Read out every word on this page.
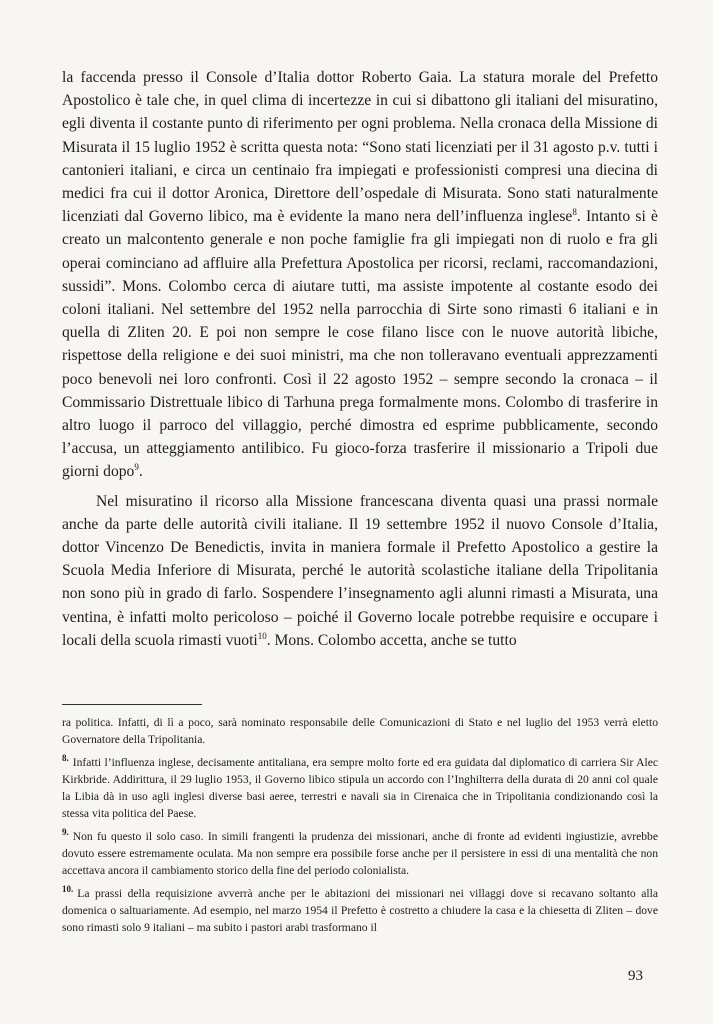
la faccenda presso il Console d’Italia dottor Roberto Gaia. La statura morale del Prefetto Apostolico è tale che, in quel clima di incertezze in cui si dibattono gli italiani del misuratino, egli diventa il costante punto di riferimento per ogni problema. Nella cronaca della Missione di Misurata il 15 luglio 1952 è scritta questa nota: “Sono stati licenziati per il 31 agosto p.v. tutti i cantonieri italiani, e circa un centinaio fra impiegati e professionisti compresi una diecina di medici fra cui il dottor Aronica, Direttore dell’ospedale di Misurata. Sono stati naturalmente licenziati dal Governo libico, ma è evidente la mano nera dell’influenza inglese$^8$. Intanto si è creato un malcontento generale e non poche famiglie fra gli impiegati non di ruolo e fra gli operai cominciano ad affluire alla Prefettura Apostolica per ricorsi, reclami, raccomandazioni, sussidi”. Mons. Colombo cerca di aiutare tutti, ma assiste impotente al costante esodo dei coloni italiani. Nel settembre del 1952 nella parrocchia di Sirte sono rimasti 6 italiani e in quella di Zliten 20. E poi non sempre le cose filano lisce con le nuove autorità libiche, rispettose della religione e dei suoi ministri, ma che non tolleravano eventuali apprezzamenti poco benevoli nei loro confronti. Così il 22 agosto 1952 – sempre secondo la cronaca – il Commissario Distrettuale libico di Tarhuna prega formalmente mons. Colombo di trasferire in altro luogo il parroco del villaggio, perché dimostra ed esprime pubblicamente, secondo l’accusa, un atteggiamento antilibico. Fu gioco-forza trasferire il missionario a Tripoli due giorni dopo$^9$.

Nel misuratino il ricorso alla Missione francescana diventa quasi una prassi normale anche da parte delle autorità civili italiane. Il 19 settembre 1952 il nuovo Console d’Italia, dottor Vincenzo De Benedictis, invita in maniera formale il Prefetto Apostolico a gestire la Scuola Media Inferiore di Misurata, perché le autorità scolastiche italiane della Tripolitania non sono più in grado di farlo. Sospendere l’insegnamento agli alunni rimasti a Misurata, una ventina, è infatti molto pericoloso – poiché il Governo locale potrebbe requisire e occupare i locali della scuola rimasti vuoti$^{10}$. Mons. Colombo accetta, anche se tutto

ra politica. Infatti, di lì a poco, sarà nominato responsabile delle Comunicazioni di Stato e nel luglio del 1953 verrà eletto Governatore della Tripolitania.

$^{8.}$ Infatti l’influenza inglese, decisamente antitaliana, era sempre molto forte ed era guidata dal diplomatico di carriera Sir Alec Kirkbride. Addirittura, il 29 luglio 1953, il Governo libico stipula un accordo con l’Inghilterra della durata di 20 anni col quale la Libia dà in uso agli inglesi diverse basi aeree, terrestri e navali sia in Cirenaica che in Tripolitania condizionando così la stessa vita politica del Paese.

$^{9.}$ Non fu questo il solo caso. In simili frangenti la prudenza dei missionari, anche di fronte ad evidenti ingiustizie, avrebbe dovuto essere estremamente oculata. Ma non sempre era possibile forse anche per il persistere in essi di una mentalità che non accettava ancora il cambiamento storico della fine del periodo colonialista.

$^{10.}$ La prassi della requisizione avverrà anche per le abitazioni dei missionari nei villaggi dove si recavano soltanto alla domenica o saltuariamente. Ad esempio, nel marzo 1954 il Prefetto è costretto a chiudere la casa e la chiesetta di Zliten – dove sono rimasti solo 9 italiani – ma subito i pastori arabi trasformano il

93
